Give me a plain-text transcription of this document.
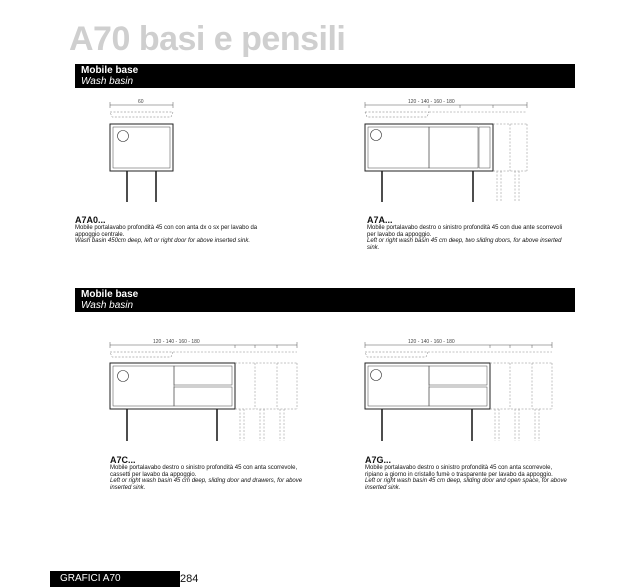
A70 basi e pensili
Mobile base
Wash basin
60	120 - 140 - 160 - 180
A7A0...
Mobile portalavabo profondità 45 con con anta dx o sx per lavabo da appoggio centrale.
Wash basin 450cm deep, left or right door for above inserted sink.
A7A...
Mobile portalavabo destro o sinistro profondità 45 con due ante scorrevoli per lavabo da appoggio.
Left or right wash basin 45 cm deep, two sliding doors, for above inserted sink.
Mobile base
Wash basin
120 - 140 - 160 - 180	120 - 140 - 160 - 180
A7C...
Mobile portalavabo destro o sinistro profondità 45 con anta scorrevole, cassetti per lavabo da appoggio.
Left or right wash basin 45 cm deep, sliding door and drawers, for above inserted sink.
A7G...
Mobile portalavabo destro o sinistro profondità 45 con anta scorrevole, ripiano a giorno in cristallo fumè o trasparente per lavabo da appoggio.
Left or right wash basin 45 cm deep, sliding door and open space, for above inserted sink.
GRAFICI A70	284
